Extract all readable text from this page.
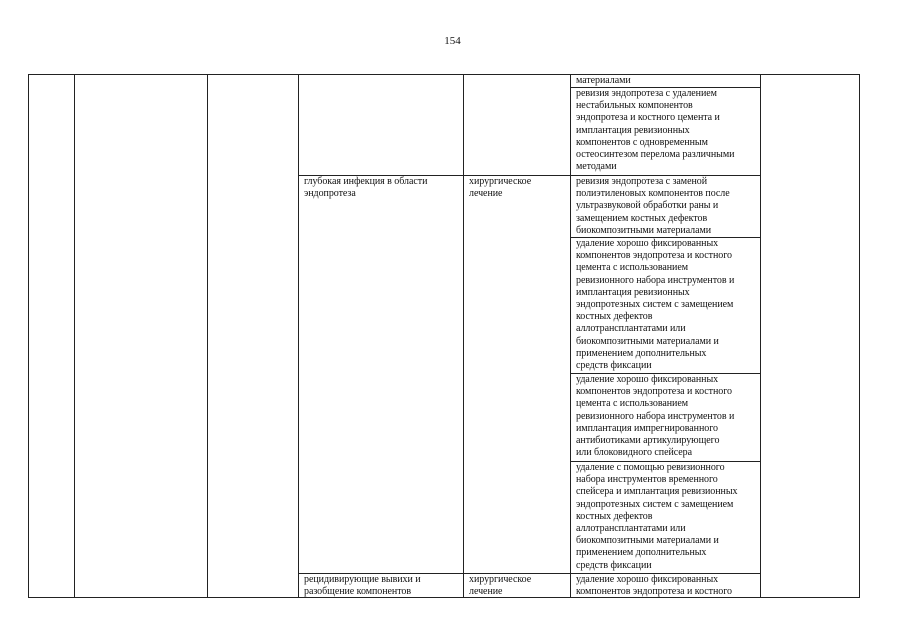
154
материалами
ревизия эндопротеза с удалением
нестабильных компонентов
эндопротеза и костного цемента и
имплантация ревизионных
компонентов с одновременным
остеосинтезом перелома различными
методами
глубокая инфекция в области
эндопротеза
хирургическое
лечение
ревизия эндопротеза с заменой
полиэтиленовых компонентов после
ультразвуковой обработки раны и
замещением костных дефектов
биокомпозитными материалами
удаление хорошо фиксированных
компонентов эндопротеза и костного
цемента с использованием
ревизионного набора инструментов и
имплантация ревизионных
эндопротезных систем с замещением
костных дефектов
аллотрансплантатами или
биокомпозитными материалами и
применением дополнительных
средств фиксации
удаление хорошо фиксированных
компонентов эндопротеза и костного
цемента с использованием
ревизионного набора инструментов и
имплантация импрегнированного
антибиотиками артикулирующего
или блоковидного спейсера
удаление с помощью ревизионного
набора инструментов временного
спейсера и имплантация ревизионных
эндопротезных систем с замещением
костных дефектов
аллотрансплантатами или
биокомпозитными материалами и
применением дополнительных
средств фиксации
рецидивирующие вывихи и
разобщение компонентов
хирургическое
лечение
удаление хорошо фиксированных
компонентов эндопротеза и костного
